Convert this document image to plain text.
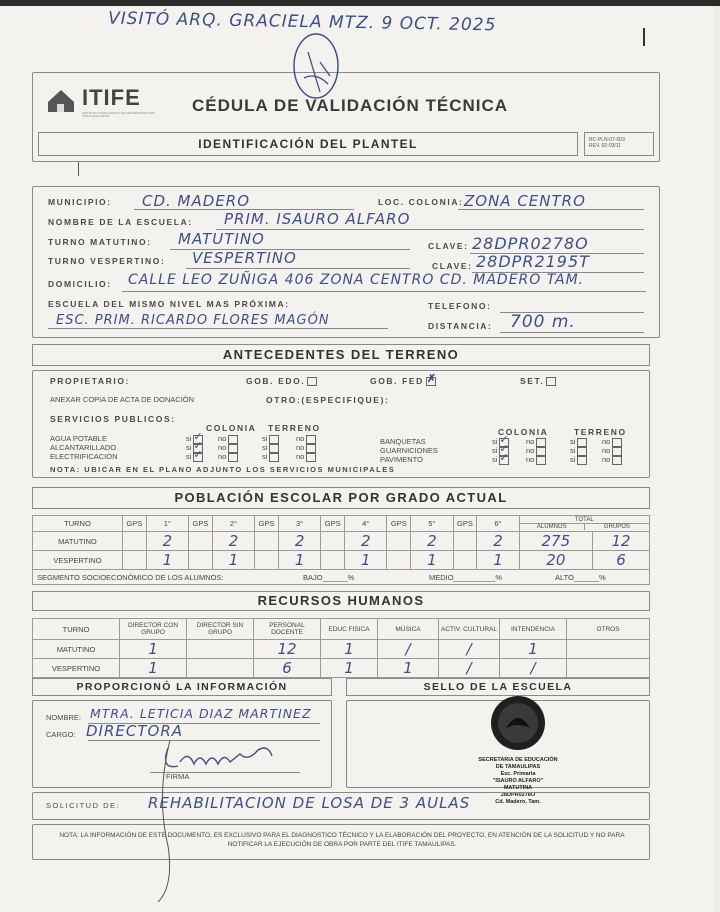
VISITÓ ARQ. GRACIELA MTZ. 9 OCT. 2025
ITIFE
INSTITUTO TAMAULIPECO DE INFRAESTRUCTURA FÍSICA EDUCATIVA
CÉDULA DE VALIDACIÓN TÉCNICA
IDENTIFICACIÓN DEL PLANTEL	RC-PLN-07-003
REV. 02-03/11
MUNICIPIO: CD. MADERO	LOC. COLONIA: ZONA CENTRO
NOMBRE DE LA ESCUELA: PRIM. ISAURO ALFARO
TURNO MATUTINO: MATUTINO	CLAVE: 28DPR0278O
TURNO VESPERTINO: VESPERTINO	CLAVE: 28DPR2195T
DOMICILIO: CALLE LEO ZUÑIGA 406 ZONA CENTRO CD. MADERO TAM.
ESCUELA DEL MISMO NIVEL MAS PRÓXIMA:	TELEFONO:
ESC. PRIM. RICARDO FLORES MAGÓN	DISTANCIA: 700 m.
ANTECEDENTES DEL TERRENO
PROPIETARIO:	GOB. EDO.	GOB. FED ✗	SET.
ANEXAR COPIA DE ACTA DE DONACIÓN	OTRO:(ESPECIFIQUE):
SERVICIOS PUBLICOS:
COLONIA TERRENO	COLONIA	TERRENO
AGUA POTABLE	si ✓	no	si	no
ALCANTARILLADO	si ✓	no	si	no
ELECTRIFICACION	si ✓	no	si	no
BANQUETAS	si ✓	no	si	no
GUARNICIONES	si ✓	no	si	no
PAVIMENTO	si ✓	no	si	no
NOTA: UBICAR EN EL PLANO ADJUNTO LOS SERVICIOS MUNICIPALES
POBLACIÓN ESCOLAR POR GRADO ACTUAL
TURNO	GPS	1°	GPS	2°	GPS	3°	GPS	4°	GPS	5°	GPS	6°	TOTAL
ALUMNOS GRUPOS	

MATUTINO		2		2		2		2		2		2	275	12
VESPERTINO		1		1		1		1		1		1	20	6
SEGMENTO SOCIOECONÓMICO DE LOS ALUMNOS: BAJO______% MEDIO__________% ALTO______%														
RECURSOS HUMANOS
TURNO	DIRECTOR CON GRUPO	DIRECTOR SIN GRUPO	PERSONAL DOCENTE	EDUC FISICA	MÚSICA	ACTIV. CULTURAL	INTENDENCIA	OTROS
MATUTINO	1		12	1	/	/	1	
VESPERTINO	1		6	1	1	/	/	
PROPORCIONÓ LA INFORMACIÓN	SELLO DE LA ESCUELA
NOMBRE: MTRA. LETICIA DIAZ MARTINEZ
CARGO: DIRECTORA
FIRMA
SECRETARIA DE EDUCACIÓN
DE TAMAULIPAS
Esc. Primaria
"ISAURO ALFARO"
MATUTINA
28DPR0278O
Cd. Madero, Tam.
SOLICITUD DE: REHABILITACION DE LOSA DE 3 AULAS
NOTA: LA INFORMACIÓN DE ESTE DOCUMENTO, ES EXCLUSIVO PARA EL DIAGNOSTICO TÉCNICO Y LA ELABORACIÓN DEL PROYECTO, EN ATENCIÓN DE LA SOLICITUD Y NO PARA NOTIFICAR LA EJECUCIÓN DE OBRA POR PARTE DEL ITIFE TAMAULIPAS.
